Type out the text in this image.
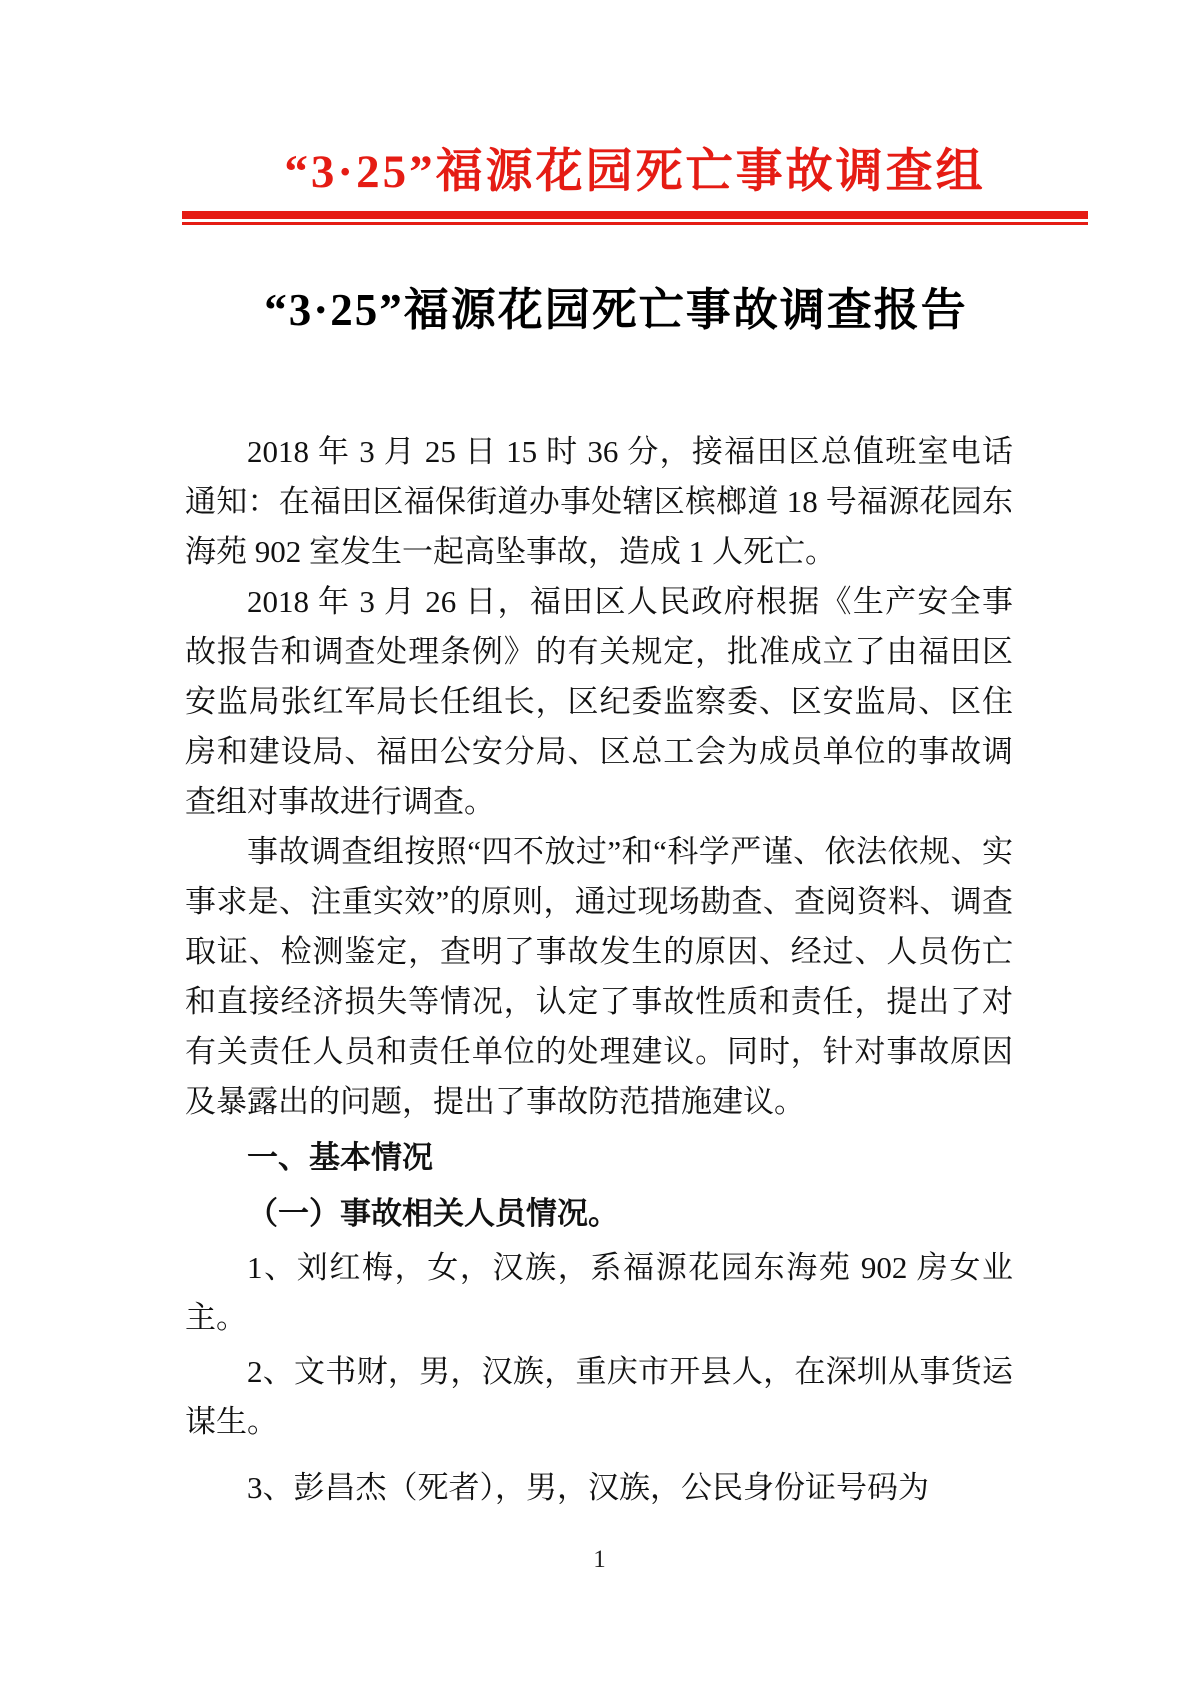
“3·25”福源花园死亡事故调查组
“3·25”福源花园死亡事故调查报告

2018 年 3 月 25 日 15 时 36 分，接福田区总值班室电话通知：在福田区福保街道办事处辖区槟榔道 18 号福源花园东海苑 902 室发生一起高坠事故，造成 1 人死亡。

2018 年 3 月 26 日，福田区人民政府根据《生产安全事故报告和调查处理条例》的有关规定，批准成立了由福田区安监局张红军局长任组长，区纪委监察委、区安监局、区住房和建设局、福田公安分局、区总工会为成员单位的事故调查组对事故进行调查。

事故调查组按照“四不放过”和“科学严谨、依法依规、实事求是、注重实效”的原则，通过现场勘查、查阅资料、调查取证、检测鉴定，查明了事故发生的原因、经过、人员伤亡和直接经济损失等情况，认定了事故性质和责任，提出了对有关责任人员和责任单位的处理建议。同时，针对事故原因及暴露出的问题，提出了事故防范措施建议。

一、基本情况

（一）事故相关人员情况。

1、刘红梅，女，汉族，系福源花园东海苑 902 房女业主。

2、文书财，男，汉族，重庆市开县人，在深圳从事货运谋生。

3、彭昌杰（死者），男，汉族，公民身份证号码为

1
